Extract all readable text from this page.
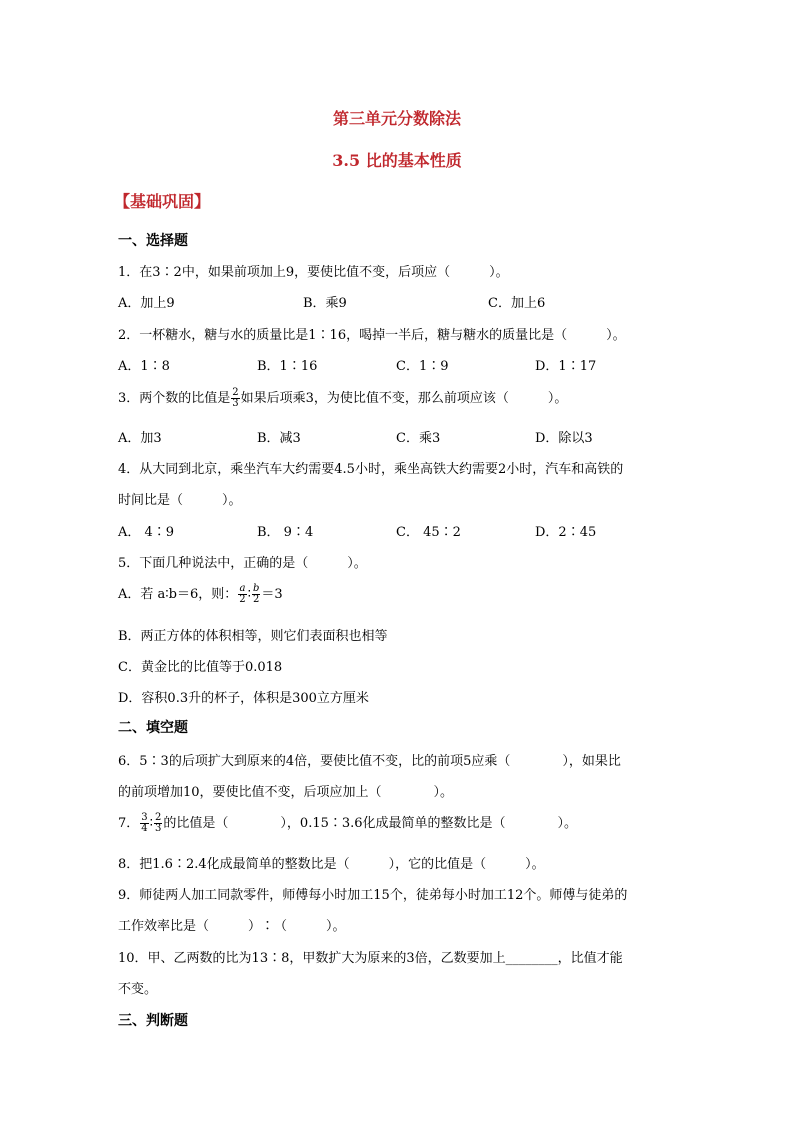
第三单元分数除法
3.5 比的基本性质
【基础巩固】
一、选择题
1．在3∶2中，如果前项加上9，要使比值不变，后项应（　　　）。
A．加上9	B．乘9	C．加上6
2．一杯糖水，糖与水的质量比是1∶16，喝掉一半后，糖与糖水的质量比是（　　　）。
A．1∶8	B．1∶16	C．1∶9	D．1∶17
3．两个数的比值是 $\frac{2}{3}$ 如果后项乘3，为使比值不变，那么前项应该（　　　）。
A．加3	B．减3	C．乘3	D．除以3
4．从大同到北京，乘坐汽车大约需要4.5小时，乘坐高铁大约需要2小时，汽车和高铁的
时间比是（　　　）。
A． 4∶9	B． 9∶4	C． 45∶2	D．2∶45
5．下面几种说法中，正确的是（　　　）。
A．若 a∶b＝6，则： $\frac{a}{2}$ ∶ $\frac{b}{2} =3$
B．两正方体的体积相等，则它们表面积也相等
C．黄金比的比值等于0.018
D．容积0.3升的杯子，体积是300立方厘米
二、填空题
6．5∶3的后项扩大到原来的4倍，要使比值不变，比的前项5应乘（　　　　），如果比
的前项增加10，要使比值不变，后项应加上（　　　　）。
7． $\frac{3}{4}$ ∶ $\frac{2}{3}$ 的比值是（　　　　），0.15∶3.6化成最简单的整数比是（　　　　）。
8．把1.6∶2.4化成最简单的整数比是（　　　），它的比值是（　　　）。
9．师徒两人加工同款零件，师傅每小时加工15个，徒弟每小时加工12个。师傅与徒弟的
工作效率比是（　　　）∶（　　　）。
10．甲、乙两数的比为13∶8，甲数扩大为原来的3倍，乙数要加上________，比值才能
不变。
三、判断题
